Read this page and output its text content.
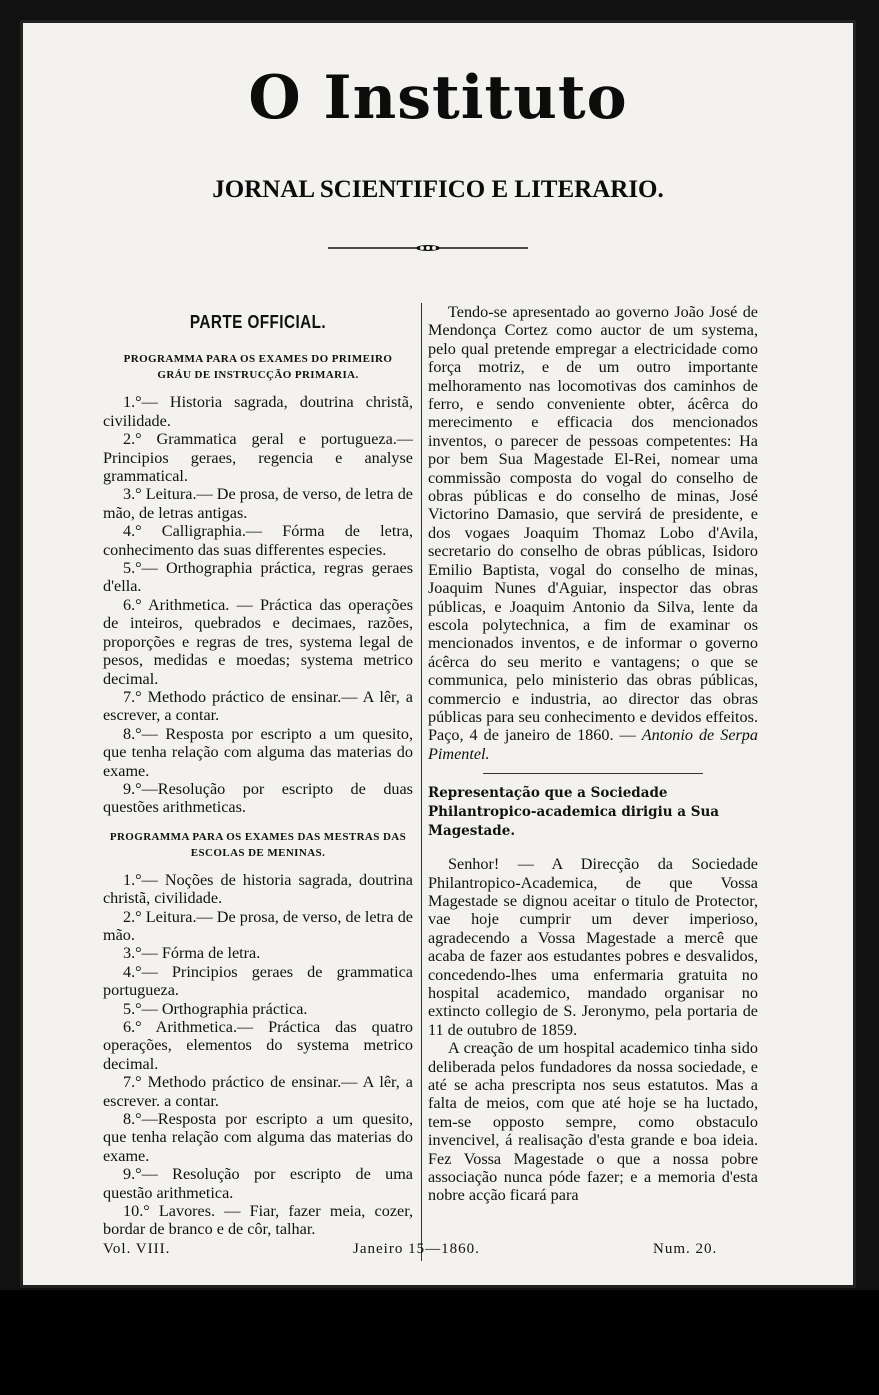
O Instituto
JORNAL SCIENTIFICO E LITERARIO.
PARTE OFFICIAL.
PROGRAMMA PARA OS EXAMES DO PRIMEIRO GRÁU DE INSTRUCÇÃO PRIMARIA.

1.°— Historia sagrada, doutrina christã, civilidade.

2.° Grammatica geral e portugueza.— Principios geraes, regencia e analyse grammatical.

3.° Leitura.— De prosa, de verso, de letra de mão, de letras antigas.

4.° Calligraphia.— Fórma de letra, conhecimento das suas differentes especies.

5.°— Orthographia práctica, regras geraes d'ella.

6.° Arithmetica. — Práctica das operações de inteiros, quebrados e decimaes, razões, proporções e regras de tres, systema legal de pesos, medidas e moedas; systema metrico decimal.

7.° Methodo práctico de ensinar.— A lêr, a escrever, a contar.

8.°— Resposta por escripto a um quesito, que tenha relação com alguma das materias do exame.

9.°—Resolução por escripto de duas questões arithmeticas.

PROGRAMMA PARA OS EXAMES DAS MESTRAS DAS ESCOLAS DE MENINAS.

1.°— Noções de historia sagrada, doutrina christã, civilidade.

2.° Leitura.— De prosa, de verso, de letra de mão.

3.°— Fórma de letra.

4.°— Principios geraes de grammatica portugueza.

5.°— Orthographia práctica.

6.° Arithmetica.— Práctica das quatro operações, elementos do systema metrico decimal.

7.° Methodo práctico de ensinar.— A lêr, a escrever. a contar.

8.°—Resposta por escripto a um quesito, que tenha relação com alguma das materias do exame.

9.°— Resolução por escripto de uma questão arithmetica.

10.° Lavores. — Fiar, fazer meia, cozer, bordar de branco e de côr, talhar.

Tendo-se apresentado ao governo João José de Mendonça Cortez como auctor de um systema, pelo qual pretende empregar a electricidade como força motriz, e de um outro importante melhoramento nas locomotivas dos caminhos de ferro, e sendo conveniente obter, ácêrca do merecimento e efficacia dos mencionados inventos, o parecer de pessoas competentes: Ha por bem Sua Magestade El-Rei, nomear uma commissão composta do vogal do conselho de obras públicas e do conselho de minas, José Victorino Damasio, que servirá de presidente, e dos vogaes Joaquim Thomaz Lobo d'Avila, secretario do conselho de obras públicas, Isidoro Emilio Baptista, vogal do conselho de minas, Joaquim Nunes d'Aguiar, inspector das obras públicas, e Joaquim Antonio da Silva, lente da escola polytechnica, a fim de examinar os mencionados inventos, e de informar o governo ácêrca do seu merito e vantagens; o que se communica, pelo ministerio das obras públicas, commercio e industria, ao director das obras públicas para seu conhecimento e devidos effeitos. Paço, 4 de janeiro de 1860. — Antonio de Serpa Pimentel.

Representação que a Sociedade Philantropico-academica dirigiu a Sua Magestade.

Senhor! — A Direcção da Sociedade Philantropico-Academica, de que Vossa Magestade se dignou aceitar o titulo de Protector, vae hoje cumprir um dever imperioso, agradecendo a Vossa Magestade a mercê que acaba de fazer aos estudantes pobres e desvalidos, concedendo-lhes uma enfermaria gratuita no hospital academico, mandado organisar no extincto collegio de S. Jeronymo, pela portaria de 11 de outubro de 1859.

A creação de um hospital academico tinha sido deliberada pelos fundadores da nossa sociedade, e até se acha prescripta nos seus estatutos. Mas a falta de meios, com que até hoje se ha luctado, tem-se opposto sempre, como obstaculo invencivel, á realisação d'esta grande e boa ideia. Fez Vossa Magestade o que a nossa pobre associação nunca póde fazer; e a memoria d'esta nobre acção ficará para

Vol. VIII.	Janeiro 15—1860.	Num. 20.
